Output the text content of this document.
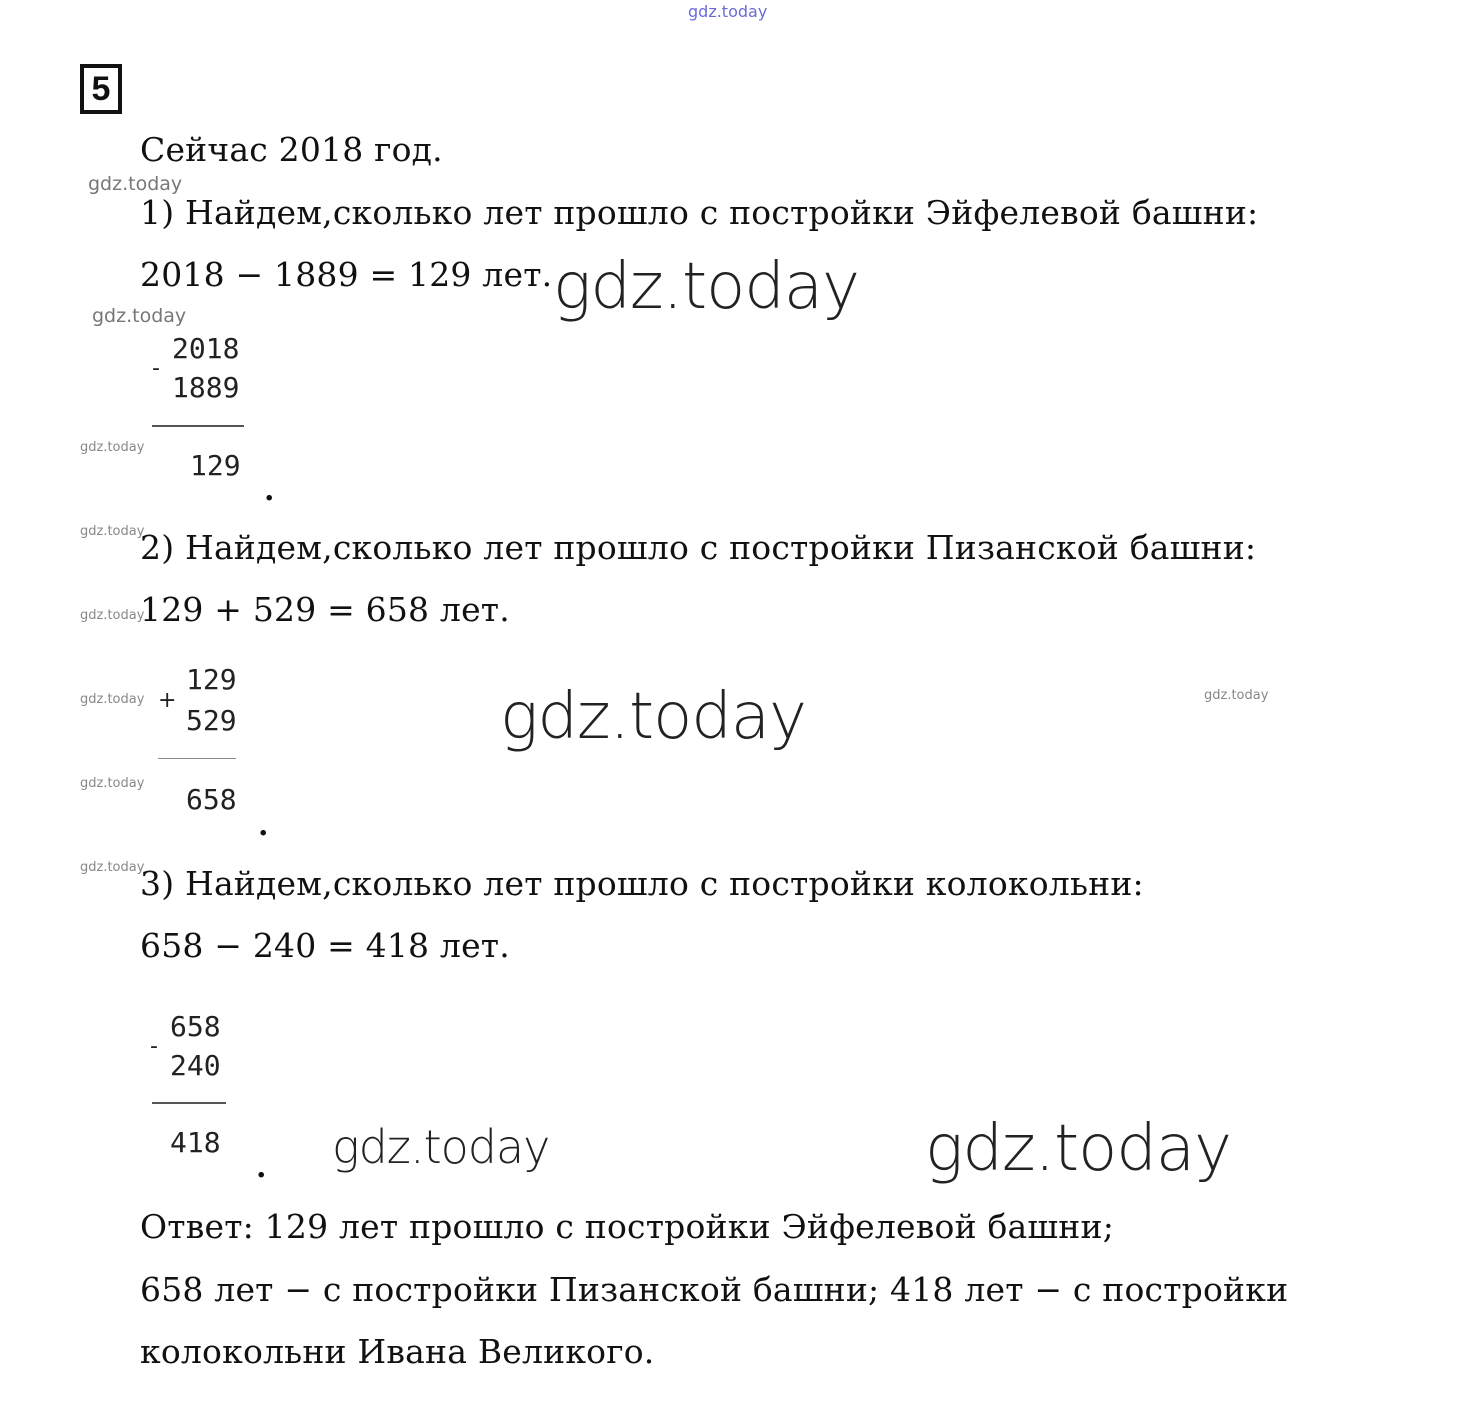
gdz.today
5
Сейчас 2018 год.
gdz.today
1) Найдем,сколько лет прошло с постройки Эйфелевой башни:
2018 − 1889 = 129 лет. gdz.today
gdz.today
-
2018
1889
129
.
gdz.today
gdz.today
2) Найдем,сколько лет прошло с постройки Пизанской башни:
gdz.today
129 + 529 = 658 лет.
+
129
529
658
.
gdz.today
gdz.today
gdz.today	gdz.today
gdz.today
3) Найдем,сколько лет прошло с постройки колокольни:
658 − 240 = 418 лет.
-
658
240
418
. gdz.today	gdz.today
Ответ: 129 лет прошло с постройки Эйфелевой башни;
658 лет − с постройки Пизанской башни; 418 лет − с постройки
колокольни Ивана Великого.
